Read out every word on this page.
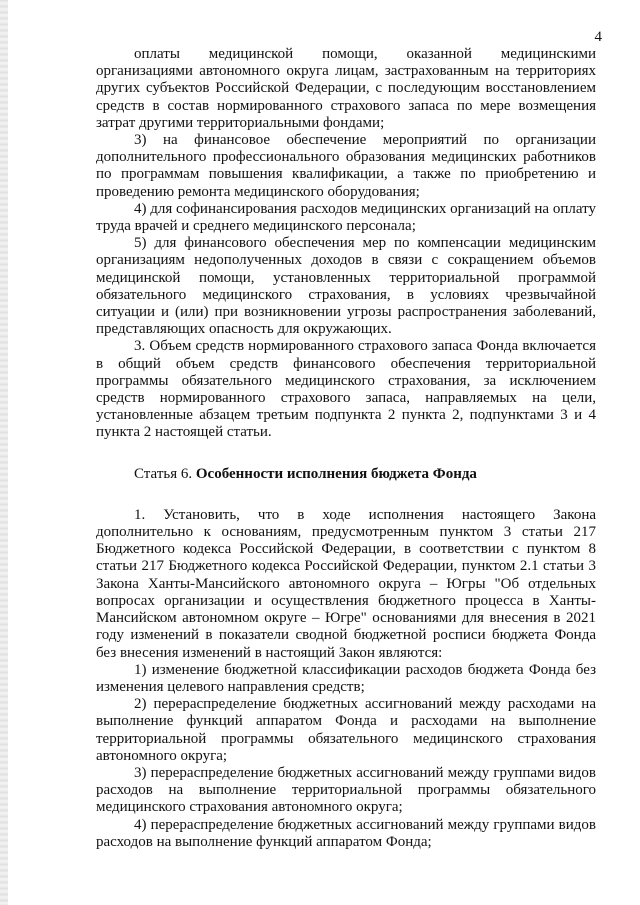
4

оплаты медицинской помощи, оказанной медицинскими организациями автономного округа лицам, застрахованным на территориях других субъектов Российской Федерации, с последующим восстановлением средств в состав нормированного страхового запаса по мере возмещения затрат другими территориальными фондами;

3) на финансовое обеспечение мероприятий по организации дополнительного профессионального образования медицинских работников по программам повышения квалификации, а также по приобретению и проведению ремонта медицинского оборудования;

4) для софинансирования расходов медицинских организаций на оплату труда врачей и среднего медицинского персонала;

5) для финансового обеспечения мер по компенсации медицинским организациям недополученных доходов в связи с сокращением объемов медицинской помощи, установленных территориальной программой обязательного медицинского страхования, в условиях чрезвычайной ситуации и (или) при возникновении угрозы распространения заболеваний, представляющих опасность для окружающих.

3. Объем средств нормированного страхового запаса Фонда включается в общий объем средств финансового обеспечения территориальной программы обязательного медицинского страхования, за исключением средств нормированного страхового запаса, направляемых на цели, установленные абзацем третьим подпункта 2 пункта 2, подпунктами 3 и 4 пункта 2 настоящей статьи.

Статья 6. Особенности исполнения бюджета Фонда

1. Установить, что в ходе исполнения настоящего Закона дополнительно к основаниям, предусмотренным пунктом 3 статьи 217 Бюджетного кодекса Российской Федерации, в соответствии с пунктом 8 статьи 217 Бюджетного кодекса Российской Федерации, пунктом 2.1 статьи 3 Закона Ханты-Мансийского автономного округа – Югры "Об отдельных вопросах организации и осуществления бюджетного процесса в Ханты-Мансийском автономном округе – Югре" основаниями для внесения в 2021 году изменений в показатели сводной бюджетной росписи бюджета Фонда без внесения изменений в настоящий Закон являются:

1) изменение бюджетной классификации расходов бюджета Фонда без изменения целевого направления средств;

2) перераспределение бюджетных ассигнований между расходами на выполнение функций аппаратом Фонда и расходами на выполнение территориальной программы обязательного медицинского страхования автономного округа;

3) перераспределение бюджетных ассигнований между группами видов расходов на выполнение территориальной программы обязательного медицинского страхования автономного округа;

4) перераспределение бюджетных ассигнований между группами видов расходов на выполнение функций аппаратом Фонда;
